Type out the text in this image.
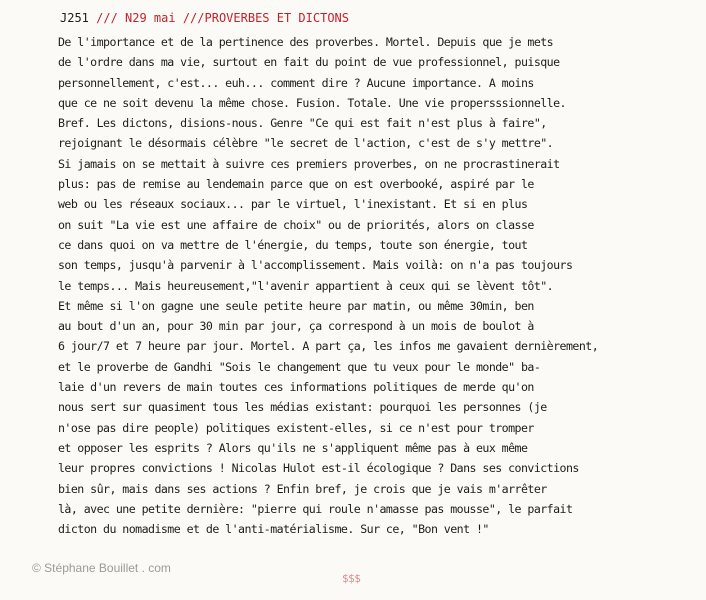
J251 /// N29 mai ///PROVERBES ET DICTONS
De l'importance et de la pertinence des proverbes. Mortel. Depuis que je mets
de l'ordre dans ma vie, surtout en fait du point de vue professionnel, puisque
personnellement, c'est... euh... comment dire ? Aucune importance. A moins
que ce ne soit devenu la même chose. Fusion. Totale. Une vie propersssionnelle.
Bref. Les dictons, disions-nous. Genre "Ce qui est fait n'est plus à faire",
rejoignant le désormais célèbre "le secret de l'action, c'est de s'y mettre".
Si jamais on se mettait à suivre ces premiers proverbes, on ne procrastinerait
plus: pas de remise au lendemain parce que on est overbooké, aspiré par le
web ou les réseaux sociaux... par le virtuel, l'inexistant. Et si en plus
on suit "La vie est une affaire de choix" ou de priorités, alors on classe
ce dans quoi on va mettre de l'énergie, du temps, toute son énergie, tout
son temps, jusqu'à parvenir à l'accomplissement. Mais voilà: on n'a pas toujours
le temps... Mais heureusement,"l'avenir appartient à ceux qui se lèvent tôt".
Et même si l'on gagne une seule petite heure par matin, ou même 30min, ben
au bout d'un an, pour 30 min par jour, ça correspond à un mois de boulot à
6 jour/7 et 7 heure par jour. Mortel. A part ça, les infos me gavaient dernièrement,
et le proverbe de Gandhi "Sois le changement que tu veux pour le monde" ba-
laie d'un revers de main toutes ces informations politiques de merde qu'on
nous sert sur quasiment tous les médias existant: pourquoi les personnes (je
n'ose pas dire people) politiques existent-elles, si ce n'est pour tromper
et opposer les esprits ? Alors qu'ils ne s'appliquent même pas à eux même
leur propres convictions ! Nicolas Hulot est-il écologique ? Dans ses convictions
bien sûr, mais dans ses actions ? Enfin bref, je crois que je vais m'arrêter
là, avec une petite dernière: "pierre qui roule n'amasse pas mousse", le parfait
dicton du nomadisme et de l'anti-matérialisme. Sur ce, "Bon vent !"
© Stéphane Bouillet . com
$$$
